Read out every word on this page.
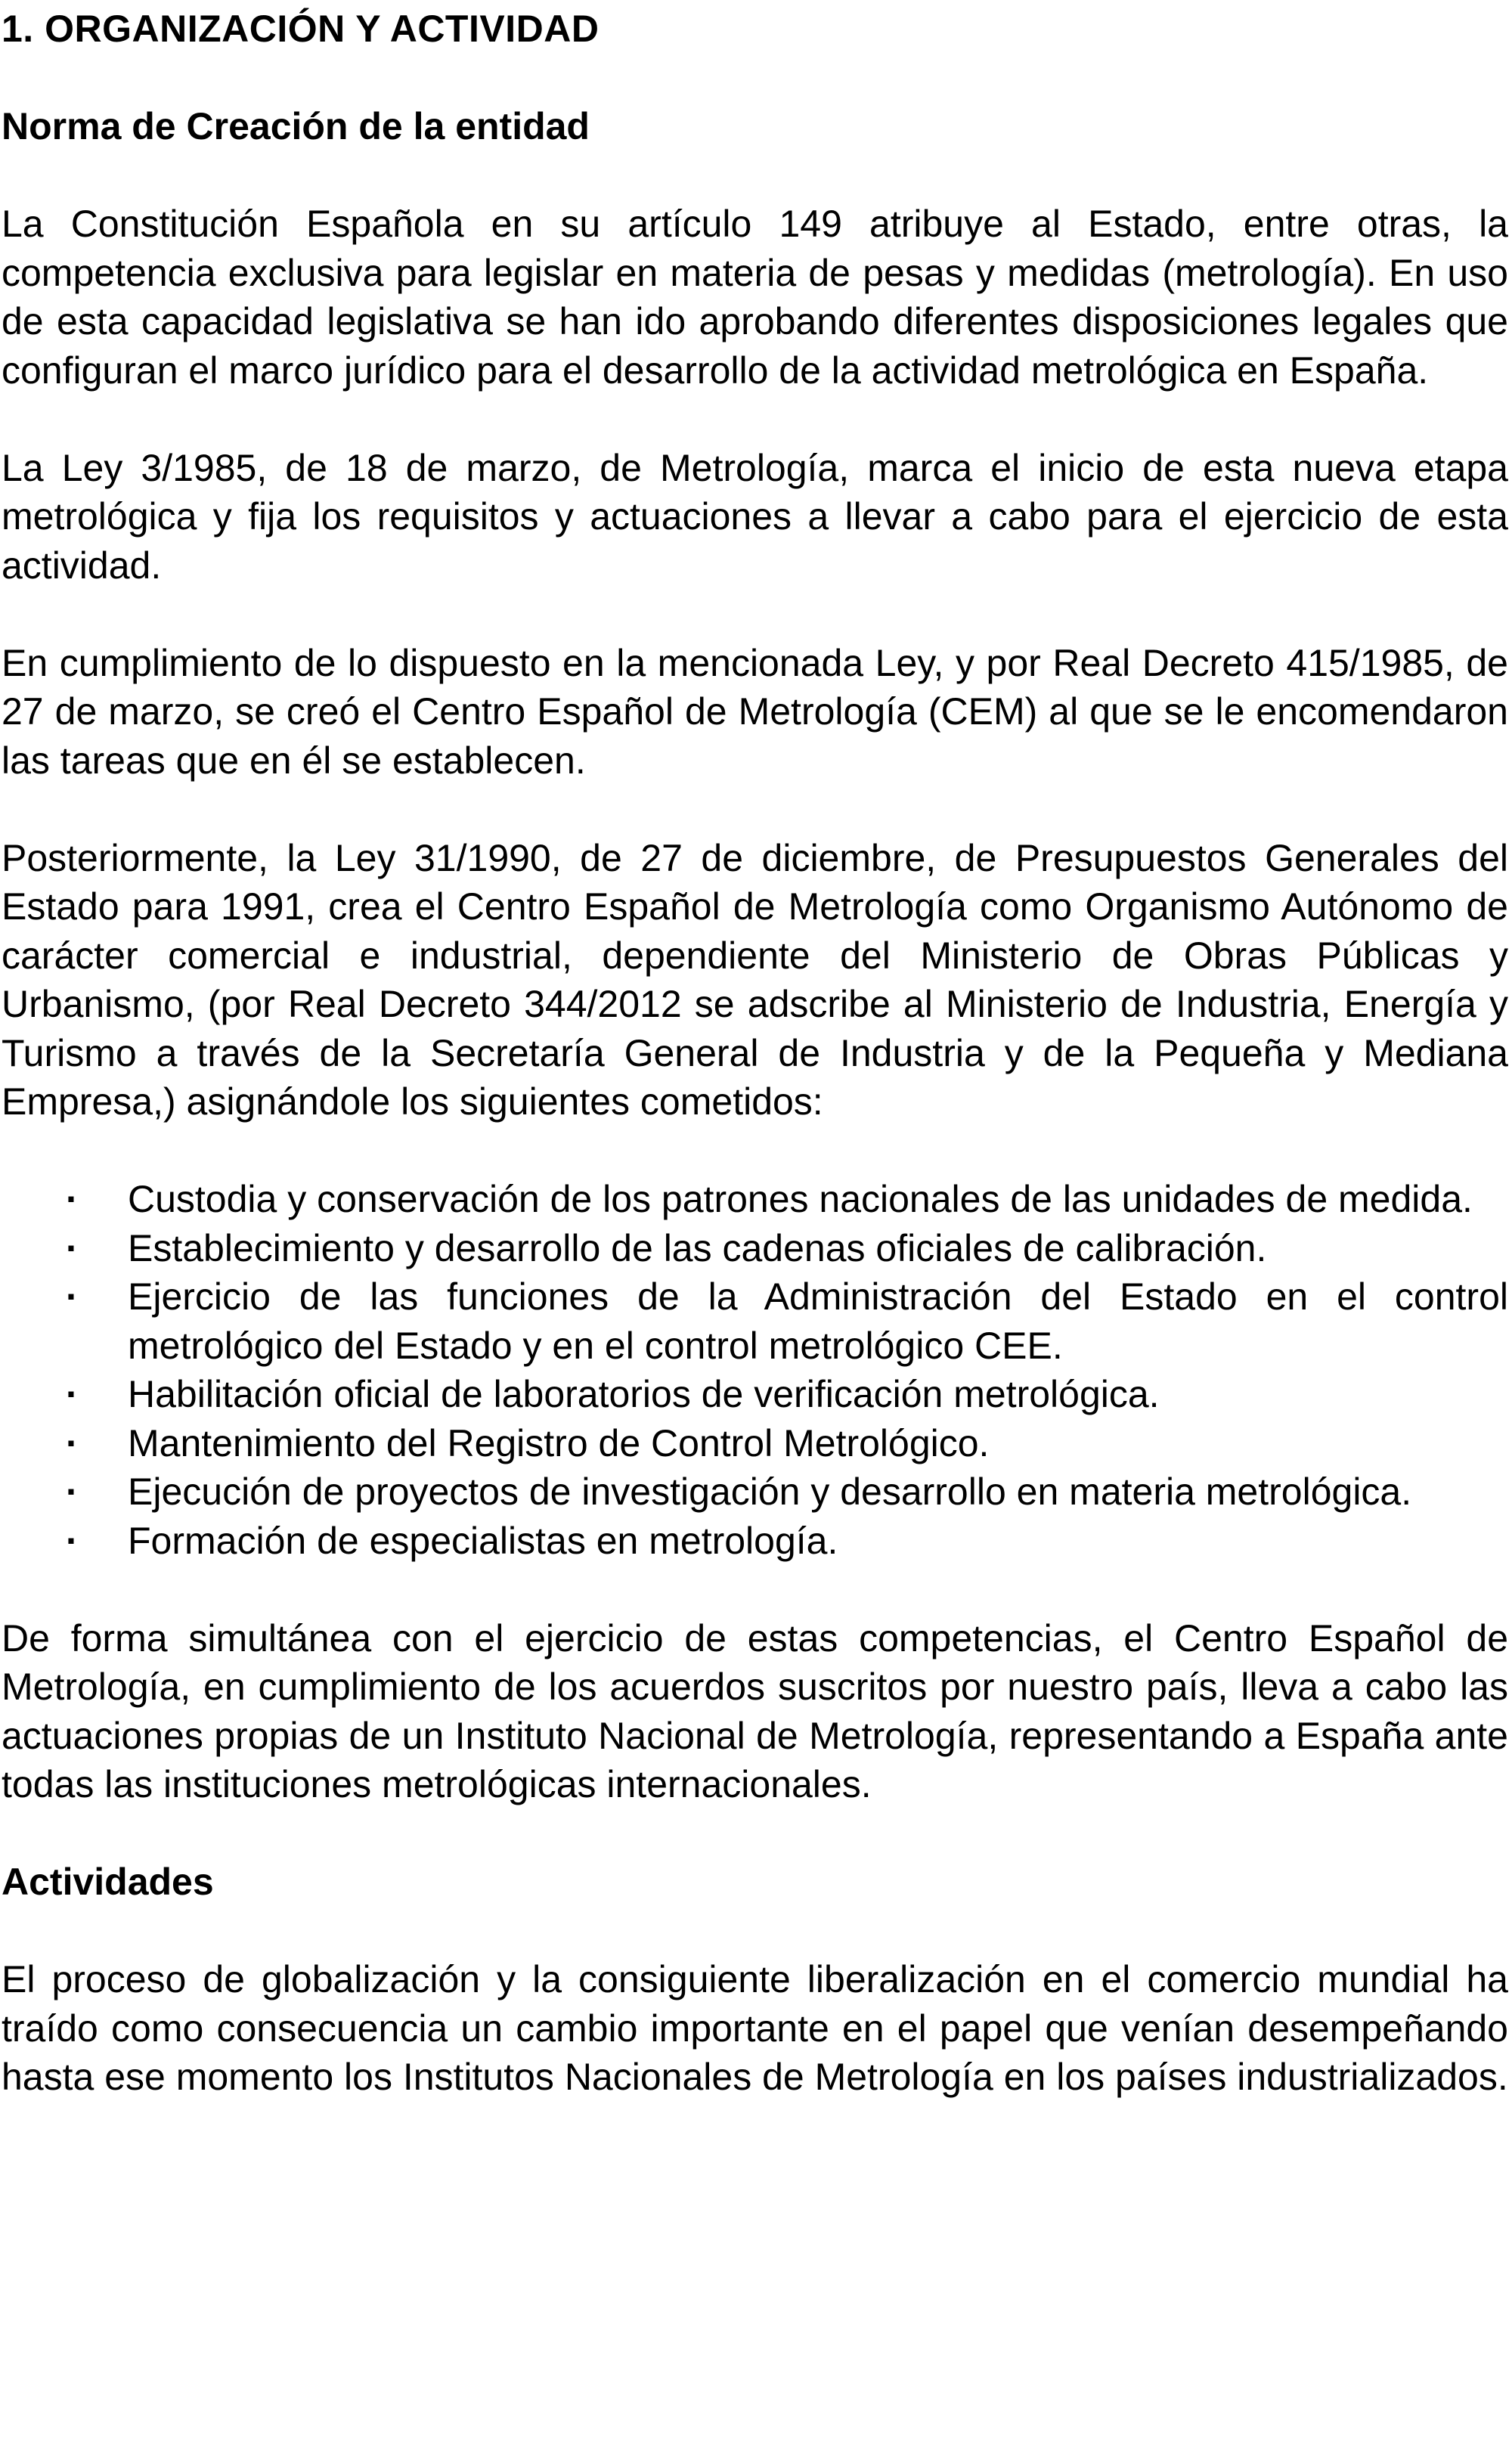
1. ORGANIZACIÓN Y ACTIVIDAD
Norma de Creación de la entidad

La Constitución Española en su artículo 149 atribuye al Estado, entre otras, la competencia exclusiva para legislar en materia de pesas y medidas (metrología). En uso de esta capacidad legislativa se han ido aprobando diferentes disposiciones legales que configuran el marco jurídico para el desarrollo de la actividad metrológica en España.

La Ley 3/1985, de 18 de marzo, de Metrología, marca el inicio de esta nueva etapa metrológica y fija los requisitos y actuaciones a llevar a cabo para el ejercicio de esta actividad.

En cumplimiento de lo dispuesto en la mencionada Ley, y por Real Decreto 415/1985, de 27 de marzo, se creó el Centro Español de Metrología (CEM) al que se le encomendaron las tareas que en él se establecen.

Posteriormente, la Ley 31/1990, de 27 de diciembre, de Presupuestos Generales del Estado para 1991, crea el Centro Español de Metrología como Organismo Autónomo de carácter comercial e industrial, dependiente del Ministerio de Obras Públicas y Urbanismo, (por Real Decreto 344/2012 se adscribe al Ministerio de Industria, Energía y Turismo a través de la Secretaría General de Industria y de la Pequeña y Mediana Empresa,) asignándole los siguientes cometidos:

· Custodia y conservación de los patrones nacionales de las unidades de medida.
· Establecimiento y desarrollo de las cadenas oficiales de calibración.
· Ejercicio de las funciones de la Administración del Estado en el control metrológico del Estado y en el control metrológico CEE.
· Habilitación oficial de laboratorios de verificación metrológica.
· Mantenimiento del Registro de Control Metrológico.
· Ejecución de proyectos de investigación y desarrollo en materia metrológica.
· Formación de especialistas en metrología.

De forma simultánea con el ejercicio de estas competencias, el Centro Español de Metrología, en cumplimiento de los acuerdos suscritos por nuestro país, lleva a cabo las actuaciones propias de un Instituto Nacional de Metrología, representando a España ante todas las instituciones metrológicas internacionales.

Actividades

El proceso de globalización y la consiguiente liberalización en el comercio mundial ha traído como consecuencia un cambio importante en el papel que venían desempeñando hasta ese momento los Institutos Nacionales de Metrología en los países industrializados.
